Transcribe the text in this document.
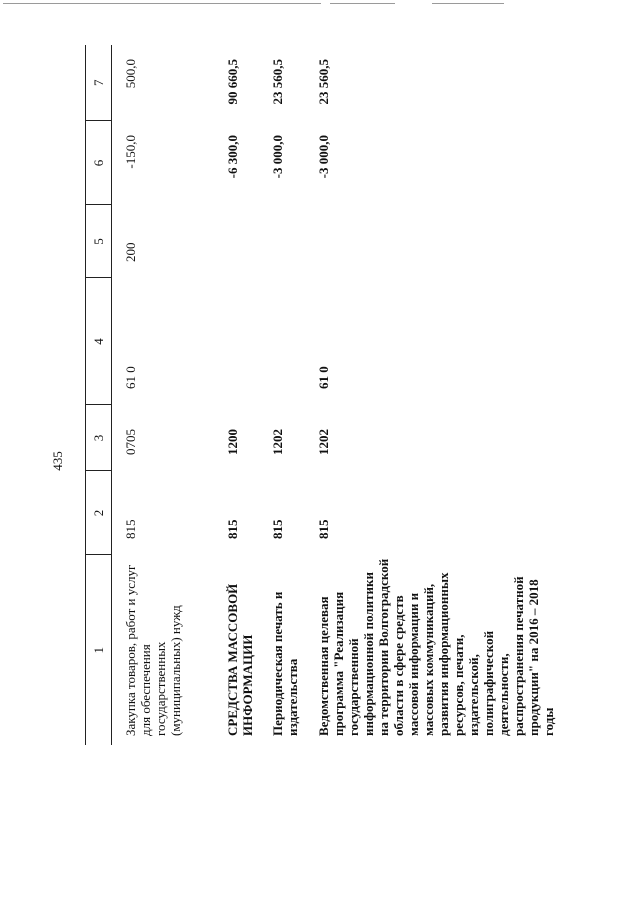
435
1	2	3	4	5	6	7
Закупка товаров, работ и услуг для обеспечения государственных (муниципальных) нужд	815	0705	61 0	200	-150,0	500,0
СРЕДСТВА МАССОВОЙ ИНФОРМАЦИИ	815	1200			-6 300,0	90 660,5
Периодическая печать и издательства	815	1202			-3 000,0	23 560,5
Ведомственная целевая программа "Реализация государственной информационной политики на территории Волгоградской области в сфере средств массовой информации и массовых коммуникаций, развития информационных ресурсов, печати, издательской, полиграфической деятельности, распространения печатной продукции" на 2016 – 2018 годы	815	1202	61 0		-3 000,0	23 560,5
